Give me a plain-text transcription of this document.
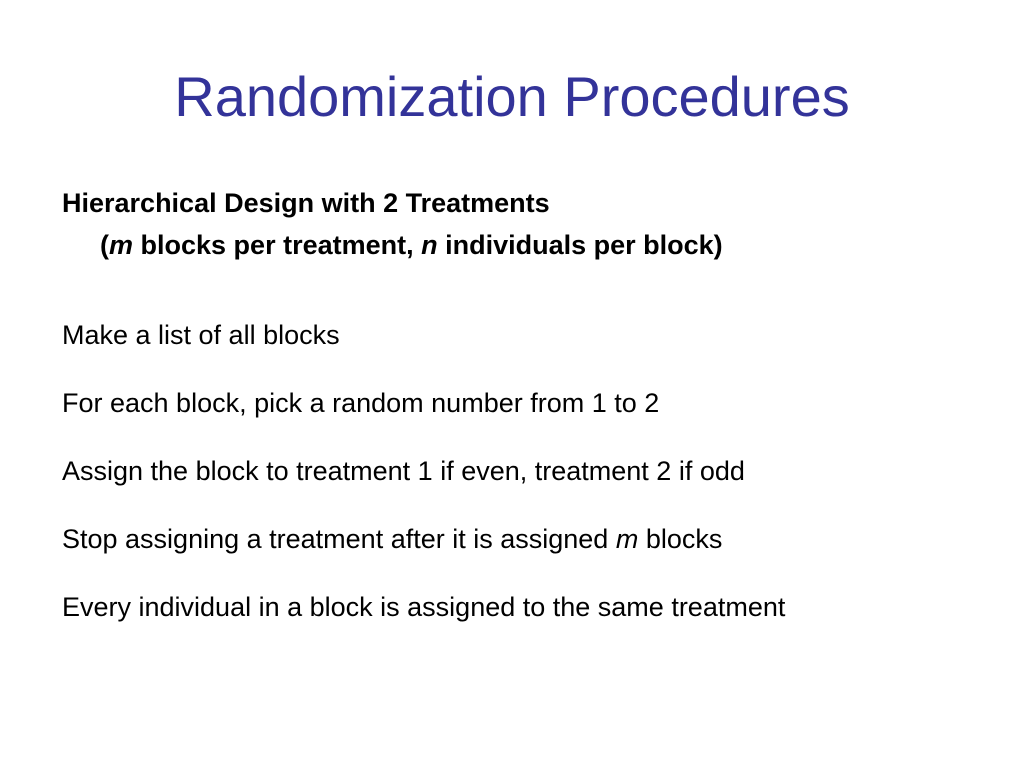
Randomization Procedures
Hierarchical Design with 2 Treatments
(m blocks per treatment, n individuals per block)
Make a list of all blocks
For each block, pick a random number from 1 to 2
Assign the block to treatment 1 if even, treatment 2 if odd
Stop assigning a treatment after it is assigned m blocks
Every individual in a block is assigned to the same treatment
